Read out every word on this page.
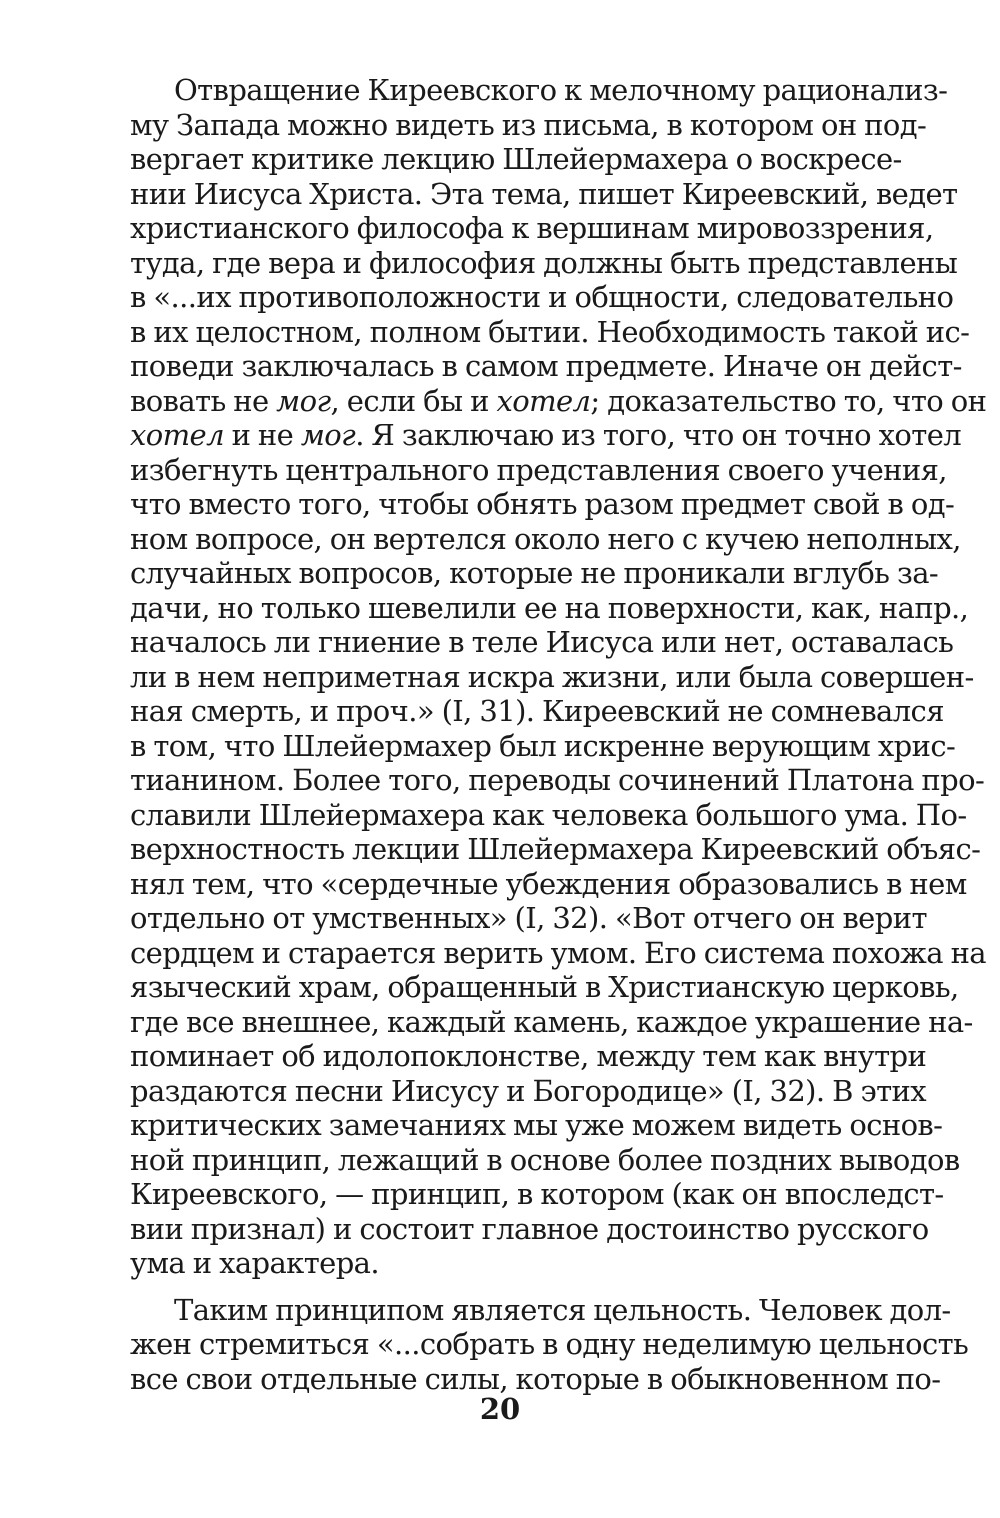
Отвращение Киреевского к мелочному рационализ-
му Запада можно видеть из письма, в котором он под-
вергает критике лекцию Шлейермахера о воскресе-
нии Иисуса Христа. Эта тема, пишет Киреевский, ведет
христианского философа к вершинам мировоззрения,
туда, где вера и философия должны быть представлены
в «...их противоположности и общности, следовательно
в их целостном, полном бытии. Необходимость такой ис-
поведи заключалась в самом предмете. Иначе он дейст-
вовать не мог, если бы и хотел; доказательство то, что он
хотел и не мог. Я заключаю из того, что он точно хотел
избегнуть центрального представления своего учения,
что вместо того, чтобы обнять разом предмет свой в од-
ном вопросе, он вертелся около него с кучею неполных,
случайных вопросов, которые не проникали вглубь за-
дачи, но только шевелили ее на поверхности, как, напр.,
началось ли гниение в теле Иисуса или нет, оставалась
ли в нем неприметная искра жизни, или была совершен-
ная смерть, и проч.» (I, 31). Киреевский не сомневался
в том, что Шлейермахер был искренне верующим хрис-
тианином. Более того, переводы сочинений Платона про-
славили Шлейермахера как человека большого ума. По-
верхностность лекции Шлейермахера Киреевский объяс-
нял тем, что «сердечные убеждения образовались в нем
отдельно от умственных» (I, 32). «Вот отчего он верит
сердцем и старается верить умом. Его система похожа на
языческий храм, обращенный в Христианскую церковь,
где все внешнее, каждый камень, каждое украшение на-
поминает об идолопоклонстве, между тем как внутри
раздаются песни Иисусу и Богородице» (I, 32). В этих
критических замечаниях мы уже можем видеть основ-
ной принцип, лежащий в основе более поздних выводов
Киреевского, — принцип, в котором (как он впоследст-
вии признал) и состоит главное достоинство русского
ума и характера.
Таким принципом является цельность. Человек дол-
жен стремиться «...собрать в одну неделимую цельность
все свои отдельные силы, которые в обыкновенном по-
20
